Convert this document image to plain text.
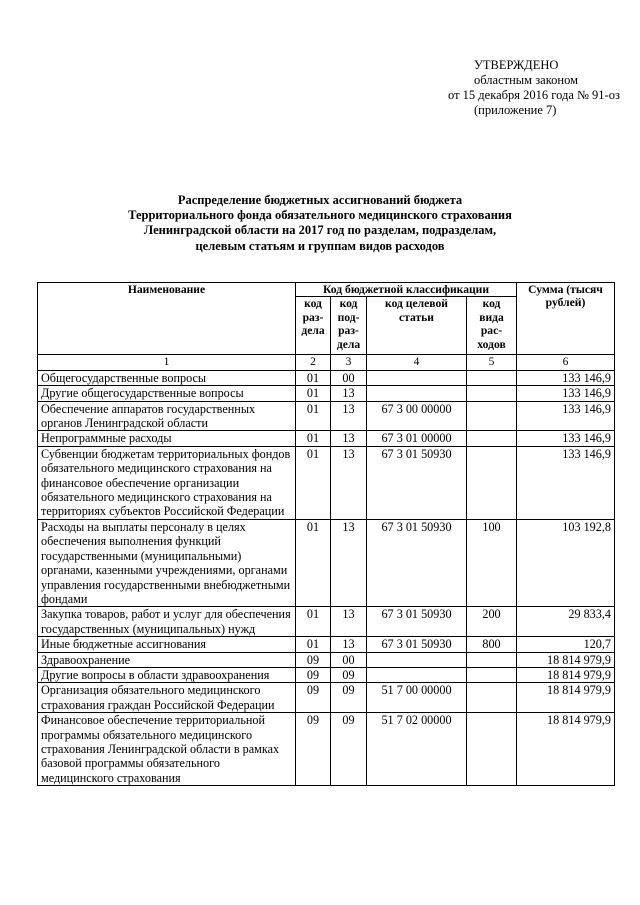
УТВЕРЖДЕНО
областным законом
от 15 декабря 2016 года № 91-оз
(приложение 7)
Распределение бюджетных ассигнований бюджета
Территориального фонда обязательного медицинского страхования
Ленинградской области на 2017 год по разделам, подразделам,
целевым статьям и группам видов расходов
Наименование	Код бюджетной классификации				Сумма (тысяч рублей)
	код раз- дела	код под- раз- дела	код целевой статьи	код вида рас- ходов	
1	2	3	4	5	6
Общегосударственные вопросы	01	00			133 146,9
Другие общегосударственные вопросы	01	13			133 146,9
Обеспечение аппаратов государственных органов Ленинградской области	01	13	67 3 00 00000		133 146,9
Непрограммные расходы	01	13	67 3 01 00000		133 146,9
Субвенции бюджетам территориальных фондов обязательного медицинского страхования на финансовое обеспечение организации обязательного медицинского страхования на территориях субъектов Российской Федерации	01	13	67 3 01 50930		133 146,9
Расходы на выплаты персоналу в целях обеспечения выполнения функций государственными (муниципальными) органами, казенными учреждениями, органами управления государственными внебюджетными фондами	01	13	67 3 01 50930	100	103 192,8
Закупка товаров, работ и услуг для обеспечения государственных (муниципальных) нужд	01	13	67 3 01 50930	200	29 833,4
Иные бюджетные ассигнования	01	13	67 3 01 50930	800	120,7
Здравоохранение	09	00			18 814 979,9
Другие вопросы в области здравоохранения	09	09			18 814 979,9
Организация обязательного медицинского страхования граждан Российской Федерации	09	09	51 7 00 00000		18 814 979,9
Финансовое обеспечение территориальной программы обязательного медицинского страхования Ленинградской области в рамках базовой программы обязательного медицинского страхования	09	09	51 7 02 00000		18 814 979,9
